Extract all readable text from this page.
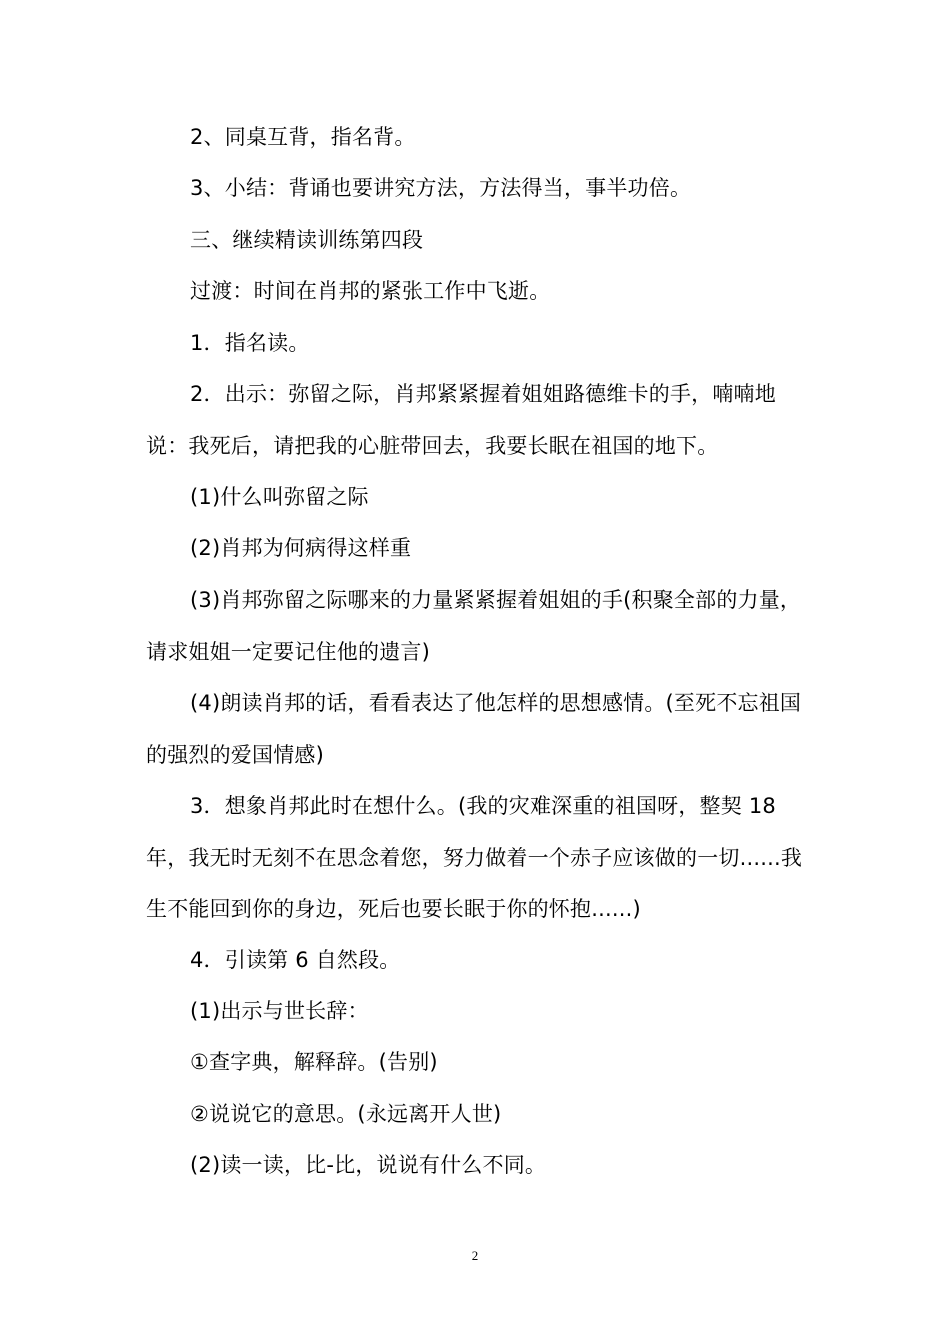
2、同桌互背，指名背。

3、小结：背诵也要讲究方法，方法得当，事半功倍。

三、继续精读训练第四段

过渡：时间在肖邦的紧张工作中飞逝。

1．指名读。

2．出示：弥留之际，肖邦紧紧握着姐姐路德维卡的手，喃喃地说：我死后，请把我的心脏带回去，我要长眠在祖国的地下。

(1)什么叫弥留之际

(2)肖邦为何病得这样重

(3)肖邦弥留之际哪来的力量紧紧握着姐姐的手(积聚全部的力量，请求姐姐一定要记住他的遗言)

(4)朗读肖邦的话，看看表达了他怎样的思想感情。(至死不忘祖国的强烈的爱国情感)

3．想象肖邦此时在想什么。(我的灾难深重的祖国呀，整契 18 年，我无时无刻不在思念着您，努力做着一个赤子应该做的一切......我生不能回到你的身边，死后也要长眠于你的怀抱......)

4．引读第 6 自然段。

(1)出示与世长辞：

①查字典，解释辞。(告别)

②说说它的意思。(永远离开人世)

(2)读一读，比-比，说说有什么不同。

2
